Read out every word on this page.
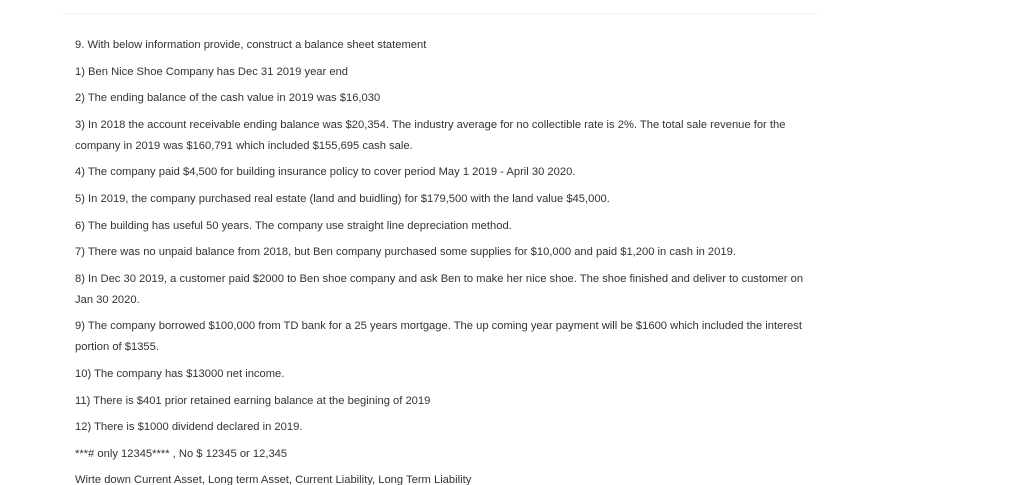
9. With below information provide, construct a balance sheet statement
1) Ben Nice Shoe Company has Dec 31 2019 year end
2) The ending balance of the cash value in 2019 was $16,030
3) In 2018 the account receivable ending balance was $20,354. The industry average for no collectible rate is 2%. The total sale revenue for the company in 2019 was $160,791 which included $155,695 cash sale.
4) The company paid $4,500 for building insurance policy to cover period May 1 2019 - April 30 2020.
5) In 2019, the company purchased real estate (land and buidling) for $179,500 with the land value $45,000.
6) The building has useful 50 years. The company use straight line depreciation method.
7) There was no unpaid balance from 2018, but Ben company purchased some supplies for $10,000 and paid $1,200 in cash in 2019.
8) In Dec 30 2019, a customer paid $2000 to Ben shoe company and ask Ben to make her nice shoe. The shoe finished and deliver to customer on Jan 30 2020.
9) The company borrowed $100,000 from TD bank for a 25 years mortgage. The up coming year payment will be $1600 which included the interest portion of $1355.
10) The company has $13000 net income.
11) There is $401 prior retained earning balance at the begining of 2019
12) There is $1000 dividend declared in 2019.
***# only 12345**** , No $ 12345 or 12,345
Wirte down Current Asset, Long term Asset, Current Liability, Long Term Liability
